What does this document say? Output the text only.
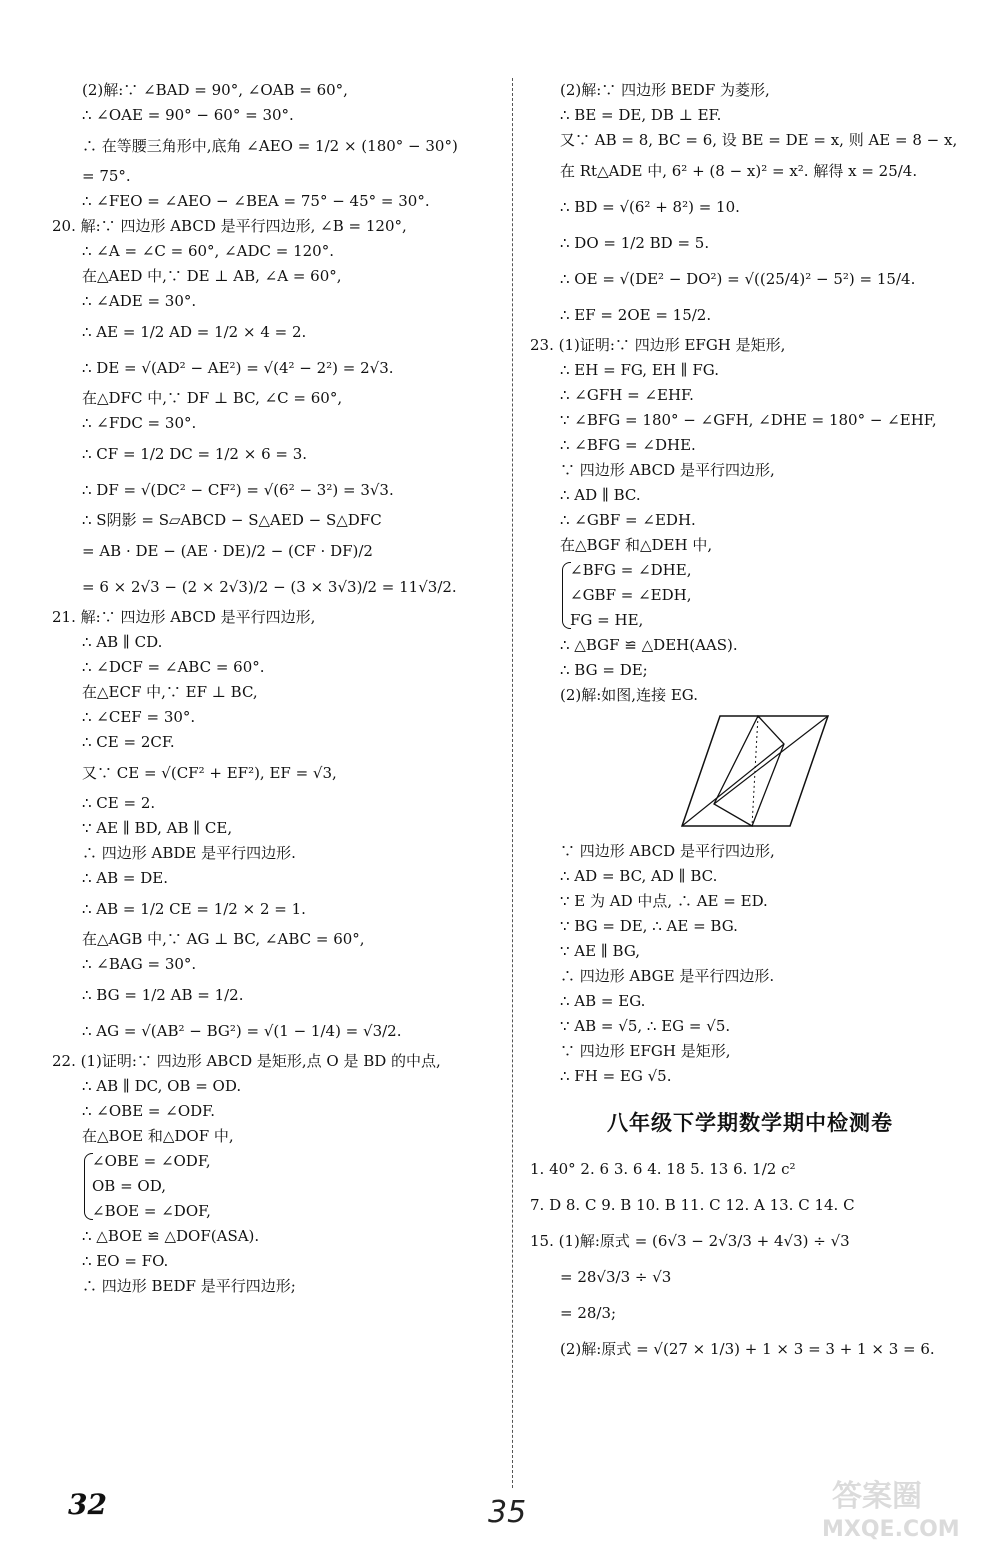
(2)解:∵ ∠BAD = 90°, ∠OAB = 60°,

∴ ∠OAE = 90° − 60° = 30°.

∴ 在等腰三角形中,底角 ∠AEO = 1/2 × (180° − 30°)

= 75°.

∴ ∠FEO = ∠AEO − ∠BEA = 75° − 45° = 30°.

20. 解:∵ 四边形 ABCD 是平行四边形, ∠B = 120°,

∴ ∠A = ∠C = 60°, ∠ADC = 120°.

在△AED 中,∵ DE ⊥ AB, ∠A = 60°,

∴ ∠ADE = 30°.

∴ AE = 1/2 AD = 1/2 × 4 = 2.

∴ DE = √(AD² − AE²) = √(4² − 2²) = 2√3.

在△DFC 中,∵ DF ⊥ BC, ∠C = 60°,

∴ ∠FDC = 30°.

∴ CF = 1/2 DC = 1/2 × 6 = 3.

∴ DF = √(DC² − CF²) = √(6² − 3²) = 3√3.

∴ S阴影 = S▱ABCD − S△AED − S△DFC

= AB · DE − (AE · DE)/2 − (CF · DF)/2

= 6 × 2√3 − (2 × 2√3)/2 − (3 × 3√3)/2 = 11√3/2.

21. 解:∵ 四边形 ABCD 是平行四边形,

∴ AB ∥ CD.

∴ ∠DCF = ∠ABC = 60°.

在△ECF 中,∵ EF ⊥ BC,

∴ ∠CEF = 30°.

∴ CE = 2CF.

又∵ CE = √(CF² + EF²), EF = √3,

∴ CE = 2.

∵ AE ∥ BD, AB ∥ CE,

∴ 四边形 ABDE 是平行四边形.

∴ AB = DE.

∴ AB = 1/2 CE = 1/2 × 2 = 1.

在△AGB 中,∵ AG ⊥ BC, ∠ABC = 60°,

∴ ∠BAG = 30°.

∴ BG = 1/2 AB = 1/2.

∴ AG = √(AB² − BG²) = √(1 − 1/4) = √3/2.

22. (1)证明:∵ 四边形 ABCD 是矩形,点 O 是 BD 的中点,

∴ AB ∥ DC, OB = OD.

∴ ∠OBE = ∠ODF.

在△BOE 和△DOF 中,

∠OBE = ∠ODF,

OB = OD,

∠BOE = ∠DOF,

∴ △BOE ≌ △DOF(ASA).

∴ EO = FO.

∴ 四边形 BEDF 是平行四边形;

(2)解:∵ 四边形 BEDF 为菱形,

∴ BE = DE, DB ⊥ EF.

又∵ AB = 8, BC = 6, 设 BE = DE = x, 则 AE = 8 − x,

在 Rt△ADE 中, 6² + (8 − x)² = x². 解得 x = 25/4.

∴ BD = √(6² + 8²) = 10.

∴ DO = 1/2 BD = 5.

∴ OE = √(DE² − DO²) = √((25/4)² − 5²) = 15/4.

∴ EF = 2OE = 15/2.

23. (1)证明:∵ 四边形 EFGH 是矩形,

∴ EH = FG, EH ∥ FG.

∴ ∠GFH = ∠EHF.

∵ ∠BFG = 180° − ∠GFH, ∠DHE = 180° − ∠EHF,

∴ ∠BFG = ∠DHE.

∵ 四边形 ABCD 是平行四边形,

∴ AD ∥ BC.

∴ ∠GBF = ∠EDH.

在△BGF 和△DEH 中,

∠BFG = ∠DHE,

∠GBF = ∠EDH,

FG = HE,

∴ △BGF ≌ △DEH(AAS).

∴ BG = DE;

(2)解:如图,连接 EG.

∵ 四边形 ABCD 是平行四边形,

∴ AD = BC, AD ∥ BC.

∵ E 为 AD 中点, ∴ AE = ED.

∵ BG = DE, ∴ AE = BG.

∵ AE ∥ BG,

∴ 四边形 ABGE 是平行四边形.

∴ AB = EG.

∵ AB = √5, ∴ EG = √5.

∵ 四边形 EFGH 是矩形,

∴ FH = EG √5.

八年级下学期数学期中检测卷

1. 40° 2. 6 3. 6 4. 18 5. 13 6. 1/2 c²

7. D 8. C 9. B 10. B 11. C 12. A 13. C 14. C

15. (1)解:原式 = (6√3 − 2√3/3 + 4√3) ÷ √3

= 28√3/3 ÷ √3

= 28/3;

(2)解:原式 = √(27 × 1/3) + 1 × 3 = 3 + 1 × 3 = 6.

32	35	答案圈
MXQE.COM
